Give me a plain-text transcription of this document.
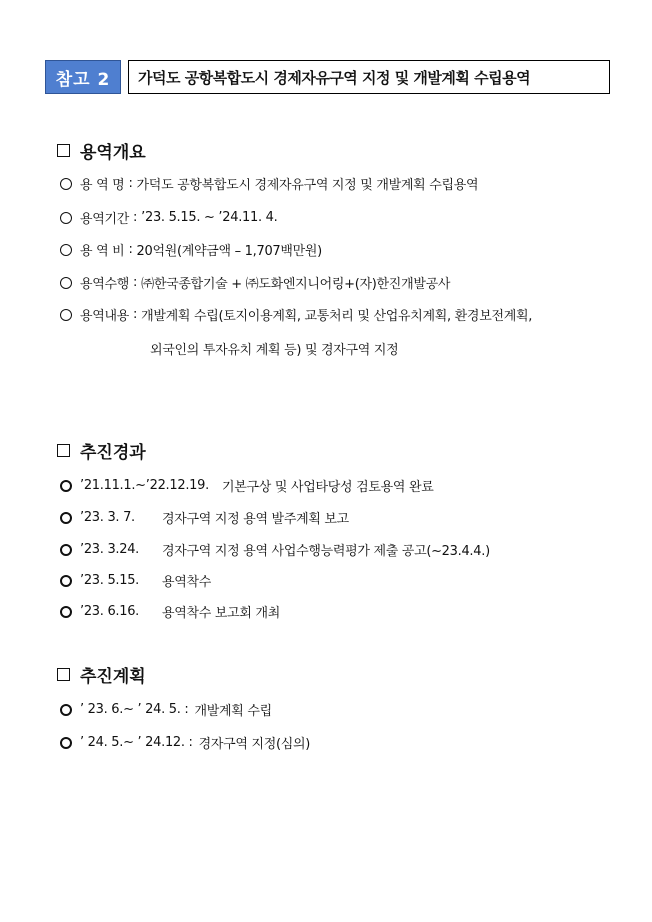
참고 2	가덕도 공항복합도시 경제자유구역 지정 및 개발계획 수립용역
용역개요
용 역 명 : 가덕도 공항복합도시 경제자유구역 지정 및 개발계획 수립용역
용역기간 : ’23. 5.15. ~ ’24.11. 4.
용 역 비 : 20억원(계약금액 – 1,707백만원)
용역수행 : ㈜한국종합기술 + ㈜도화엔지니어링+(자)한진개발공사
용역내용 : 개발계획 수립(토지이용계획, 교통처리 및 산업유치계획, 환경보전계획,
외국인의 투자유치 계획 등) 및 경자구역 지정
추진경과
’21.11.1.~’22.12.19.	기본구상 및 사업타당성 검토용역 완료
’23. 3. 7.	경자구역 지정 용역 발주계획 보고
’23. 3.24.	경자구역 지정 용역 사업수행능력평가 제출 공고(~23.4.4.)
’23. 5.15.	용역착수
’23. 6.16.	용역착수 보고회 개최
추진계획
’ 23. 6.~ ’ 24. 5. : 개발계획 수립
’ 24. 5.~ ’ 24.12. : 경자구역 지정(심의)
